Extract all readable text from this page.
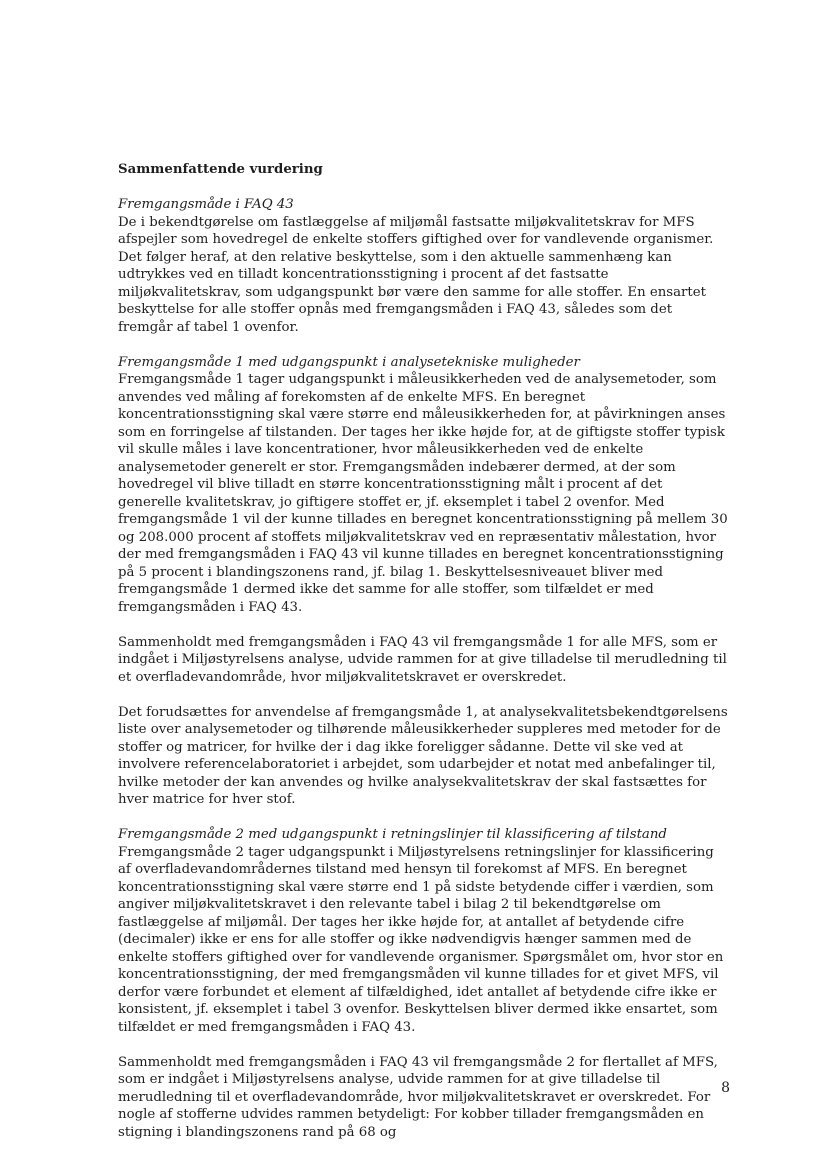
Sammenfattende vurdering

Fremgangsmåde i FAQ 43

De i bekendtgørelse om fastlæggelse af miljømål fastsatte miljøkvalitetskrav for MFS afspejler som hovedregel de enkelte stoffers giftighed over for vandlevende organismer. Det følger heraf, at den relative beskyttelse, som i den aktuelle sammenhæng kan udtrykkes ved en tilladt koncentrationsstigning i procent af det fastsatte miljøkvalitetskrav, som udgangspunkt bør være den samme for alle stoffer. En ensartet beskyttelse for alle stoffer opnås med fremgangsmåden i FAQ 43, således som det fremgår af tabel 1 ovenfor.

Fremgangsmåde 1 med udgangspunkt i analysetekniske muligheder

Fremgangsmåde 1 tager udgangspunkt i måleusikkerheden ved de analysemetoder, som anvendes ved måling af forekomsten af de enkelte MFS. En beregnet koncentrationsstigning skal være større end måleusikkerheden for, at påvirkningen anses som en forringelse af tilstanden. Der tages her ikke højde for, at de giftigste stoffer typisk vil skulle måles i lave koncentrationer, hvor måleusikkerheden ved de enkelte analysemetoder generelt er stor. Fremgangsmåden indebærer dermed, at der som hovedregel vil blive tilladt en større koncentrationsstigning målt i procent af det generelle kvalitetskrav, jo giftigere stoffet er, jf. eksemplet i tabel 2 ovenfor. Med fremgangsmåde 1 vil der kunne tillades en beregnet koncentrationsstigning på mellem 30 og 208.000 procent af stoffets miljøkvalitetskrav ved en repræsentativ målestation, hvor der med fremgangsmåden i FAQ 43 vil kunne tillades en beregnet koncentrationsstigning på 5 procent i blandingszonens rand, jf. bilag 1. Beskyttelsesniveauet bliver med fremgangsmåde 1 dermed ikke det samme for alle stoffer, som tilfældet er med fremgangsmåden i FAQ 43.

Sammenholdt med fremgangsmåden i FAQ 43 vil fremgangsmåde 1 for alle MFS, som er indgået i Miljøstyrelsens analyse, udvide rammen for at give tilladelse til merudledning til et overfladevandområde, hvor miljøkvalitetskravet er overskredet.

Det forudsættes for anvendelse af fremgangsmåde 1, at analysekvalitetsbekendtgørelsens liste over analysemetoder og tilhørende måleusikkerheder suppleres med metoder for de stoffer og matricer, for hvilke der i dag ikke foreligger sådanne. Dette vil ske ved at involvere referencelaboratoriet i arbejdet, som udarbejder et notat med anbefalinger til, hvilke metoder der kan anvendes og hvilke analysekvalitetskrav der skal fastsættes for hver matrice for hver stof.

Fremgangsmåde 2 med udgangspunkt i retningslinjer til klassificering af tilstand

Fremgangsmåde 2 tager udgangspunkt i Miljøstyrelsens retningslinjer for klassificering af overfladevandområdernes tilstand med hensyn til forekomst af MFS. En beregnet koncentrationsstigning skal være større end 1 på sidste betydende ciffer i værdien, som angiver miljøkvalitetskravet i den relevante tabel i bilag 2 til bekendtgørelse om fastlæggelse af miljømål. Der tages her ikke højde for, at antallet af betydende cifre (decimaler) ikke er ens for alle stoffer og ikke nødvendigvis hænger sammen med de enkelte stoffers giftighed over for vandlevende organismer. Spørgsmålet om, hvor stor en koncentrationsstigning, der med fremgangsmåden vil kunne tillades for et givet MFS, vil derfor være forbundet et element af tilfældighed, idet antallet af betydende cifre ikke er konsistent, jf. eksemplet i tabel 3 ovenfor. Beskyttelsen bliver dermed ikke ensartet, som tilfældet er med fremgangsmåden i FAQ 43.

Sammenholdt med fremgangsmåden i FAQ 43 vil fremgangsmåde 2 for flertallet af MFS, som er indgået i Miljøstyrelsens analyse, udvide rammen for at give tilladelse til merudledning til et overfladevandområde, hvor miljøkvalitetskravet er overskredet. For nogle af stofferne udvides rammen betydeligt: For kobber tillader fremgangsmåden en stigning i blandingszonens rand på 68 og

8
